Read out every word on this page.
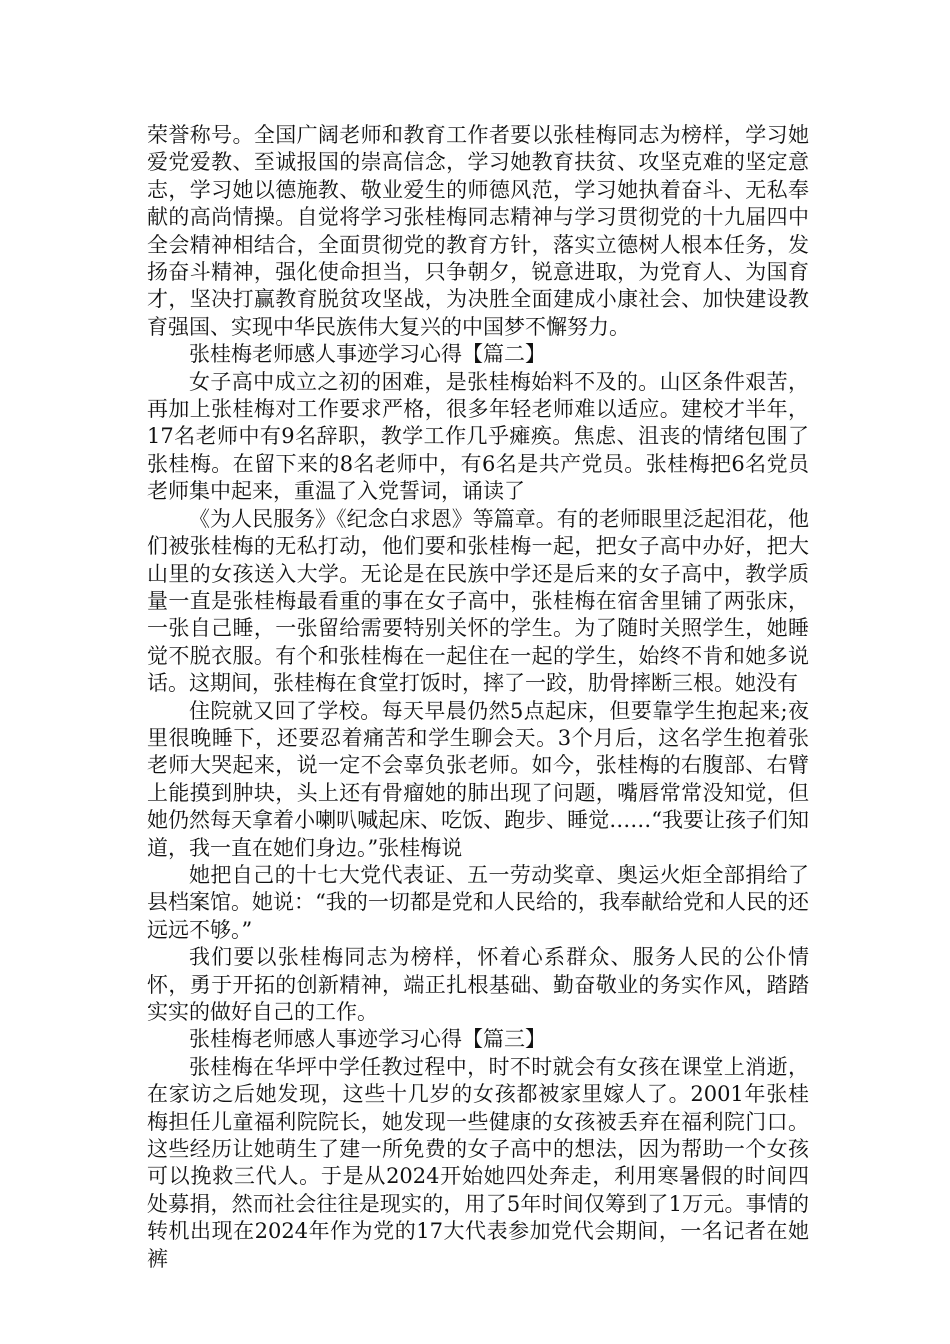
荣誉称号。全国广阔老师和教育工作者要以张桂梅同志为榜样，学习她爱党爱教、至诚报国的崇高信念，学习她教育扶贫、攻坚克难的坚定意志，学习她以德施教、敬业爱生的师德风范，学习她执着奋斗、无私奉献的高尚情操。自觉将学习张桂梅同志精神与学习贯彻党的十九届四中全会精神相结合，全面贯彻党的教育方针，落实立德树人根本任务，发扬奋斗精神，强化使命担当，只争朝夕，锐意进取，为党育人、为国育才，坚决打赢教育脱贫攻坚战，为决胜全面建成小康社会、加快建设教育强国、实现中华民族伟大复兴的中国梦不懈努力。

张桂梅老师感人事迹学习心得【篇二】

女子高中成立之初的困难，是张桂梅始料不及的。山区条件艰苦，再加上张桂梅对工作要求严格，很多年轻老师难以适应。建校才半年，17名老师中有9名辞职，教学工作几乎瘫痪。焦虑、沮丧的情绪包围了张桂梅。在留下来的8名老师中，有6名是共产党员。张桂梅把6名党员老师集中起来，重温了入党誓词，诵读了

《为人民服务》《纪念白求恩》等篇章。有的老师眼里泛起泪花，他们被张桂梅的无私打动，他们要和张桂梅一起，把女子高中办好，把大山里的女孩送入大学。无论是在民族中学还是后来的女子高中，教学质量一直是张桂梅最看重的事在女子高中，张桂梅在宿舍里铺了两张床，一张自己睡，一张留给需要特别关怀的学生。为了随时关照学生，她睡觉不脱衣服。有个和张桂梅在一起住在一起的学生，始终不肯和她多说话。这期间，张桂梅在食堂打饭时，摔了一跤，肋骨摔断三根。她没有

住院就又回了学校。每天早晨仍然5点起床，但要靠学生抱起来;夜里很晚睡下，还要忍着痛苦和学生聊会天。3个月后，这名学生抱着张老师大哭起来，说一定不会辜负张老师。如今，张桂梅的右腹部、右臂上能摸到肿块，头上还有骨瘤她的肺出现了问题，嘴唇常常没知觉，但她仍然每天拿着小喇叭喊起床、吃饭、跑步、睡觉……“我要让孩子们知道，我一直在她们身边。”张桂梅说

她把自己的十七大党代表证、五一劳动奖章、奥运火炬全部捐给了县档案馆。她说：“我的一切都是党和人民给的，我奉献给党和人民的还远远不够。”

我们要以张桂梅同志为榜样，怀着心系群众、服务人民的公仆情怀，勇于开拓的创新精神，端正扎根基础、勤奋敬业的务实作风，踏踏实实的做好自己的工作。

张桂梅老师感人事迹学习心得【篇三】

张桂梅在华坪中学任教过程中，时不时就会有女孩在课堂上消逝，在家访之后她发现，这些十几岁的女孩都被家里嫁人了。2001年张桂梅担任儿童福利院院长，她发现一些健康的女孩被丢弃在福利院门口。这些经历让她萌生了建一所免费的女子高中的想法，因为帮助一个女孩可以挽救三代人。于是从2024开始她四处奔走，利用寒暑假的时间四处募捐，然而社会往往是现实的，用了5年时间仅筹到了1万元。事情的转机出现在2024年作为党的17大代表参加党代会期间，一名记者在她裤
